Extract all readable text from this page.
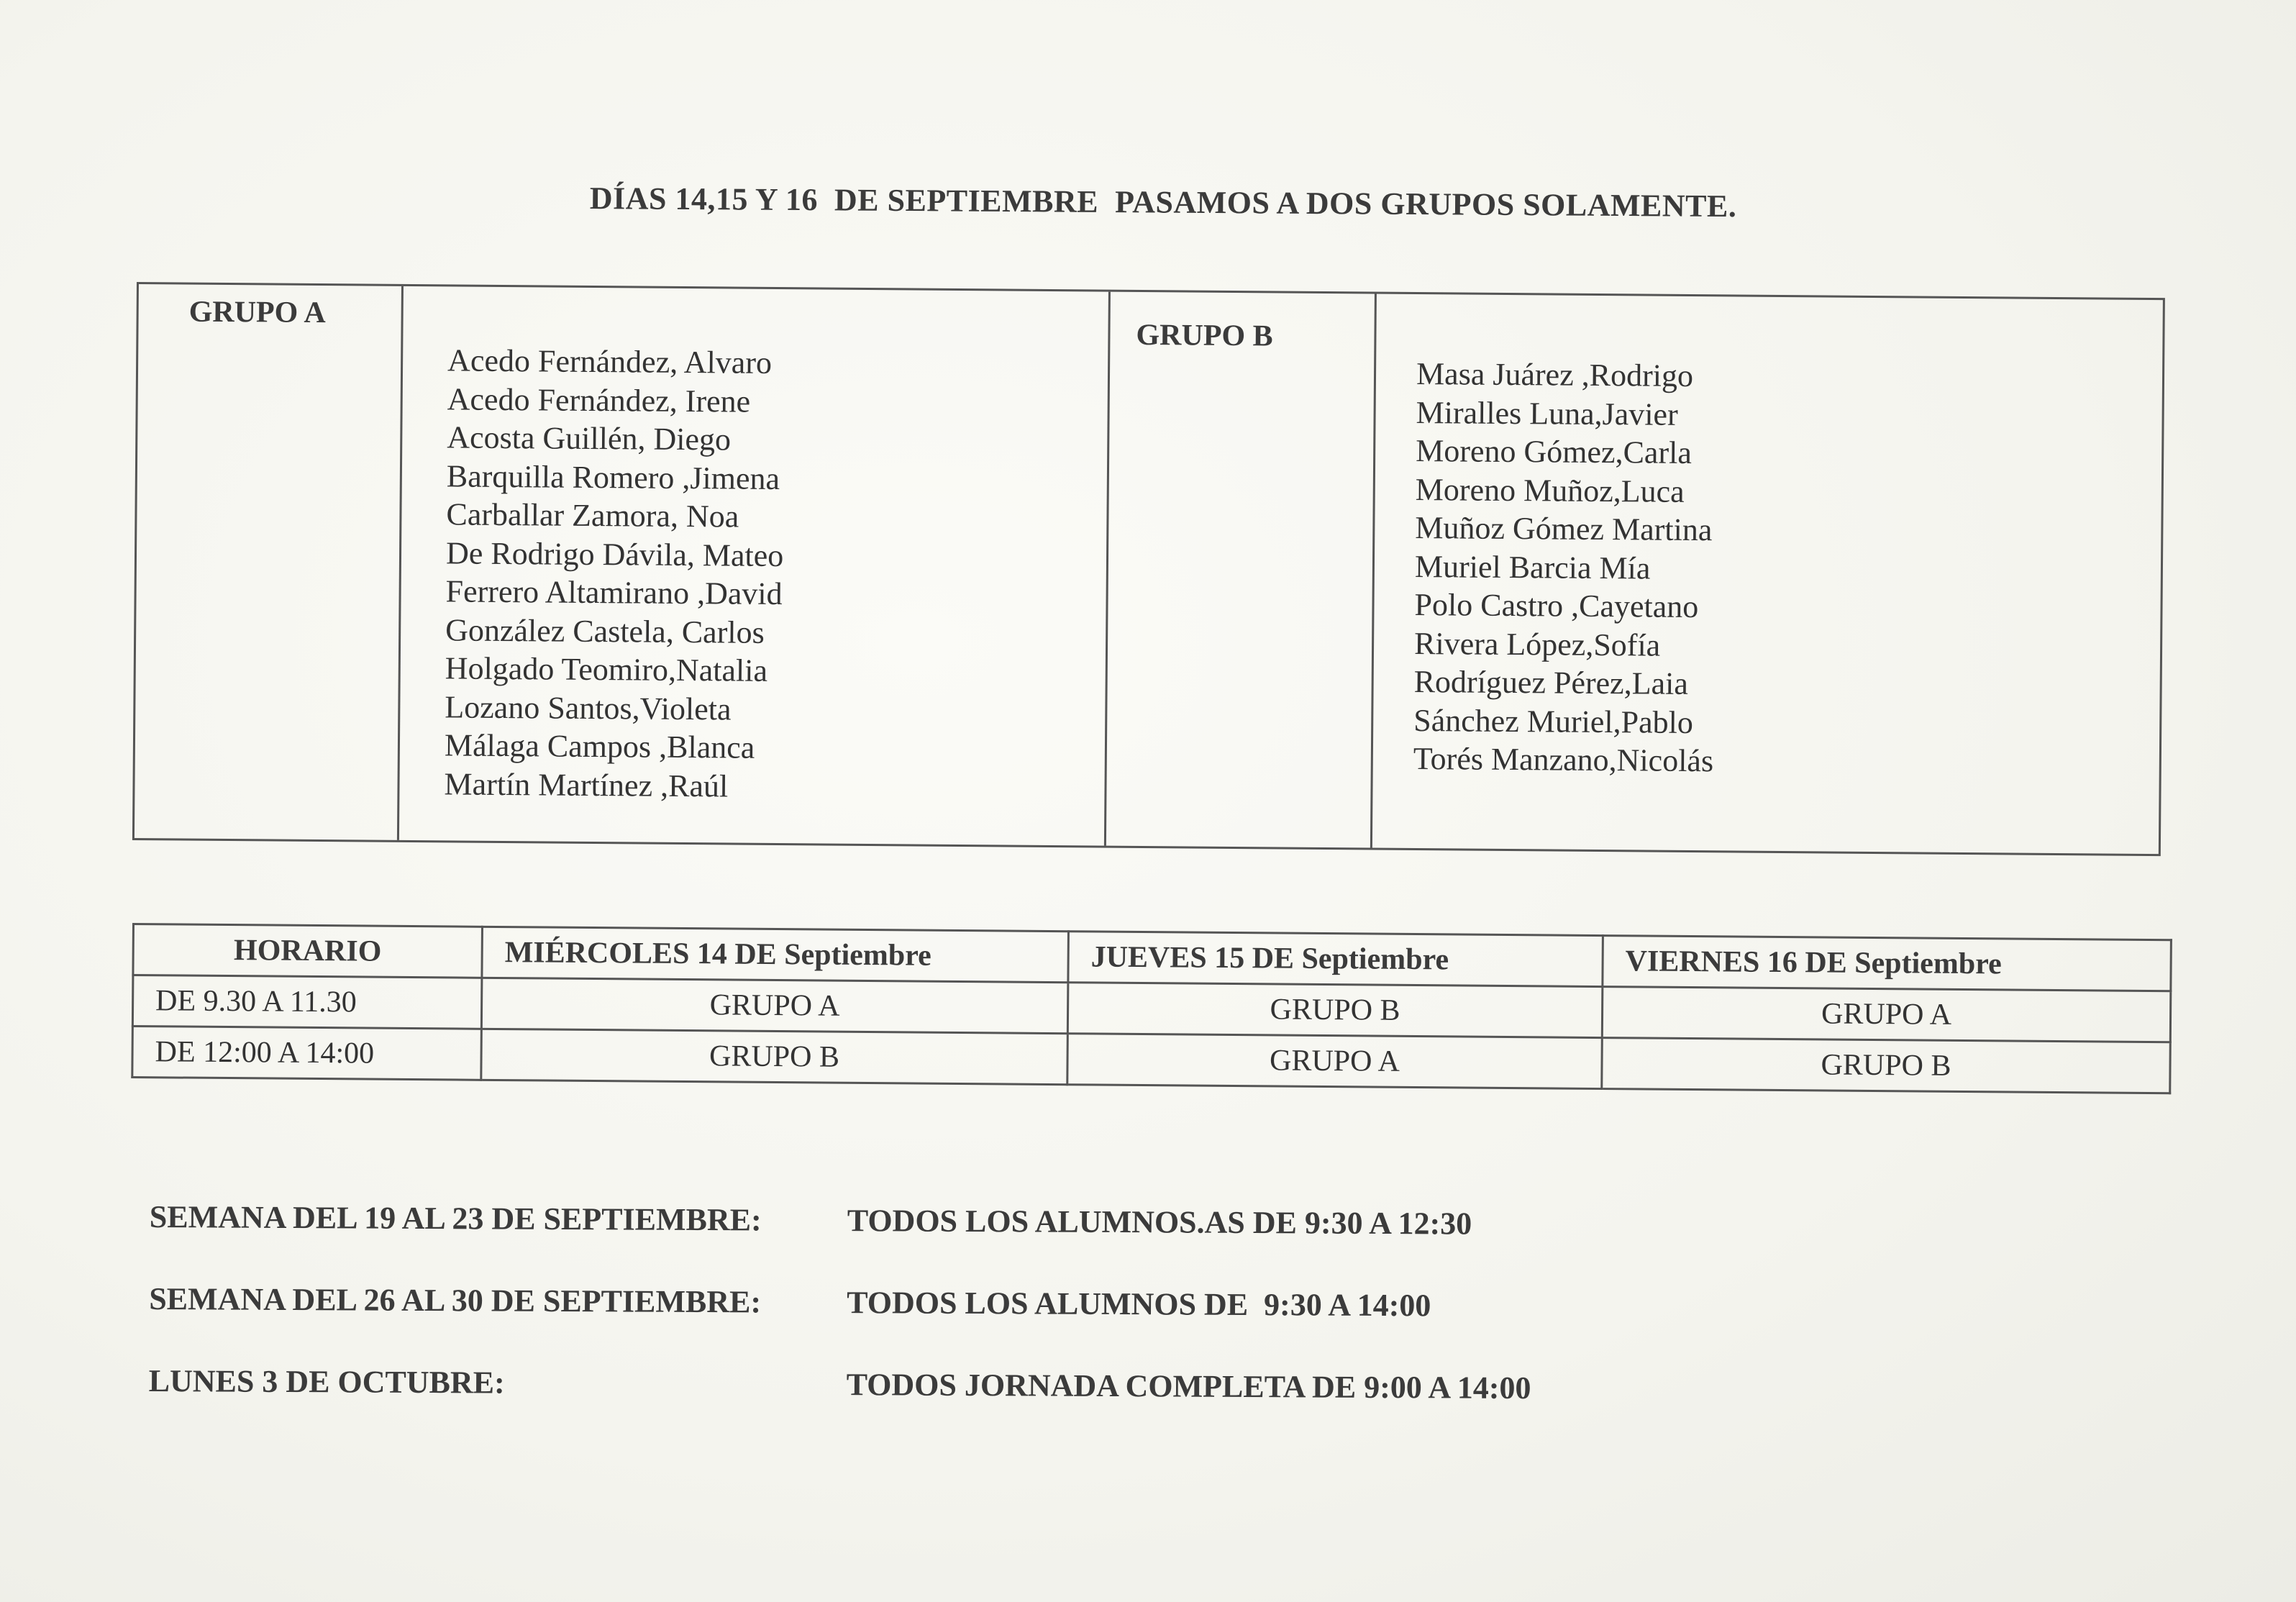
DÍAS 14,15 Y 16  DE SEPTIEMBRE  PASAMOS A DOS GRUPOS SOLAMENTE.
GRUPO A
Acedo Fernández, Alvaro
Acedo Fernández, Irene
Acosta Guillén, Diego
Barquilla Romero ,Jimena
Carballar Zamora, Noa
De Rodrigo Dávila, Mateo
Ferrero Altamirano ,David
González Castela, Carlos
Holgado Teomiro,Natalia
Lozano Santos,Violeta
Málaga Campos ,Blanca
Martín Martínez ,Raúl
GRUPO B
Masa Juárez ,Rodrigo
Miralles Luna,Javier
Moreno Gómez,Carla
Moreno Muñoz,Luca
Muñoz Gómez Martina
Muriel Barcia Mía
Polo Castro ,Cayetano
Rivera López,Sofía
Rodríguez Pérez,Laia
Sánchez Muriel,Pablo
Torés Manzano,Nicolás
HORARIO	MIÉRCOLES 14 DE Septiembre	JUEVES 15 DE Septiembre	VIERNES 16 DE Septiembre
DE 9.30 A 11.30	GRUPO A	GRUPO B	GRUPO A
DE 12:00 A 14:00	GRUPO B	GRUPO A	GRUPO B
SEMANA DEL 19 AL 23 DE SEPTIEMBRE:	TODOS LOS ALUMNOS.AS DE 9:30 A 12:30
SEMANA DEL 26 AL 30 DE SEPTIEMBRE:	TODOS LOS ALUMNOS DE  9:30 A 14:00
LUNES 3 DE OCTUBRE:	TODOS JORNADA COMPLETA DE 9:00 A 14:00
